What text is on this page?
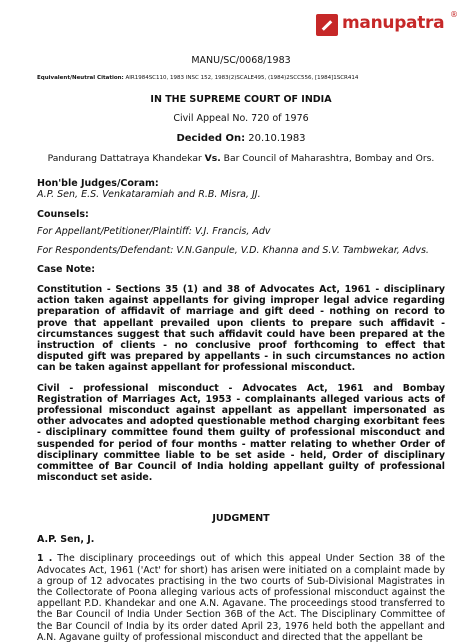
manupatra ®
MANU/SC/0068/1983
Equivalent/Neutral Citation: AIR1984SC110, 1983 INSC 152, 1983(2)SCALE495, (1984)2SCC556, [1984]1SCR414
IN THE SUPREME COURT OF INDIA
Civil Appeal No. 720 of 1976
Decided On: 20.10.1983
Pandurang Dattatraya Khandekar Vs. Bar Council of Maharashtra, Bombay and Ors.
Hon'ble Judges/Coram:
A.P. Sen, E.S. Venkataramiah and R.B. Misra, JJ.
Counsels:
For Appellant/Petitioner/Plaintiff: V.J. Francis, Adv
For Respondents/Defendant: V.N.Ganpule, V.D. Khanna and S.V. Tambwekar, Advs.
Case Note:
Constitution - Sections 35 (1) and 38 of Advocates Act, 1961 - disciplinary action taken against appellants for giving improper legal advice regarding preparation of affidavit of marriage and gift deed - nothing on record to prove that appellant prevailed upon clients to prepare such affidavit - circumstances suggest that such affidavit could have been prepared at the instruction of clients - no conclusive proof forthcoming to effect that disputed gift was prepared by appellants - in such circumstances no action can be taken against appellant for professional misconduct.
Civil - professional misconduct - Advocates Act, 1961 and Bombay Registration of Marriages Act, 1953 - complainants alleged various acts of professional misconduct against appellant as appellant impersonated as other advocates and adopted questionable method charging exorbitant fees - disciplinary committee found them guilty of professional misconduct and suspended for period of four months - matter relating to whether Order of disciplinary committee liable to be set aside - held, Order of disciplinary committee of Bar Council of India holding appellant guilty of professional misconduct set aside.
JUDGMENT
A.P. Sen, J.
1 . The disciplinary proceedings out of which this appeal Under Section 38 of the Advocates Act, 1961 ('Act' for short) has arisen were initiated on a complaint made by a group of 12 advocates practising in the two courts of Sub-Divisional Magistrates in the Collectorate of Poona alleging various acts of professional misconduct against the appellant P.D. Khandekar and one A.N. Agavane. The proceedings stood transferred to the Bar Council of India Under Section 36B of the Act. The Disciplinary Committee of the Bar Council of India by its order dated April 23, 1976 held both the appellant and A.N. Agavane guilty of professional misconduct and directed that the appellant be
